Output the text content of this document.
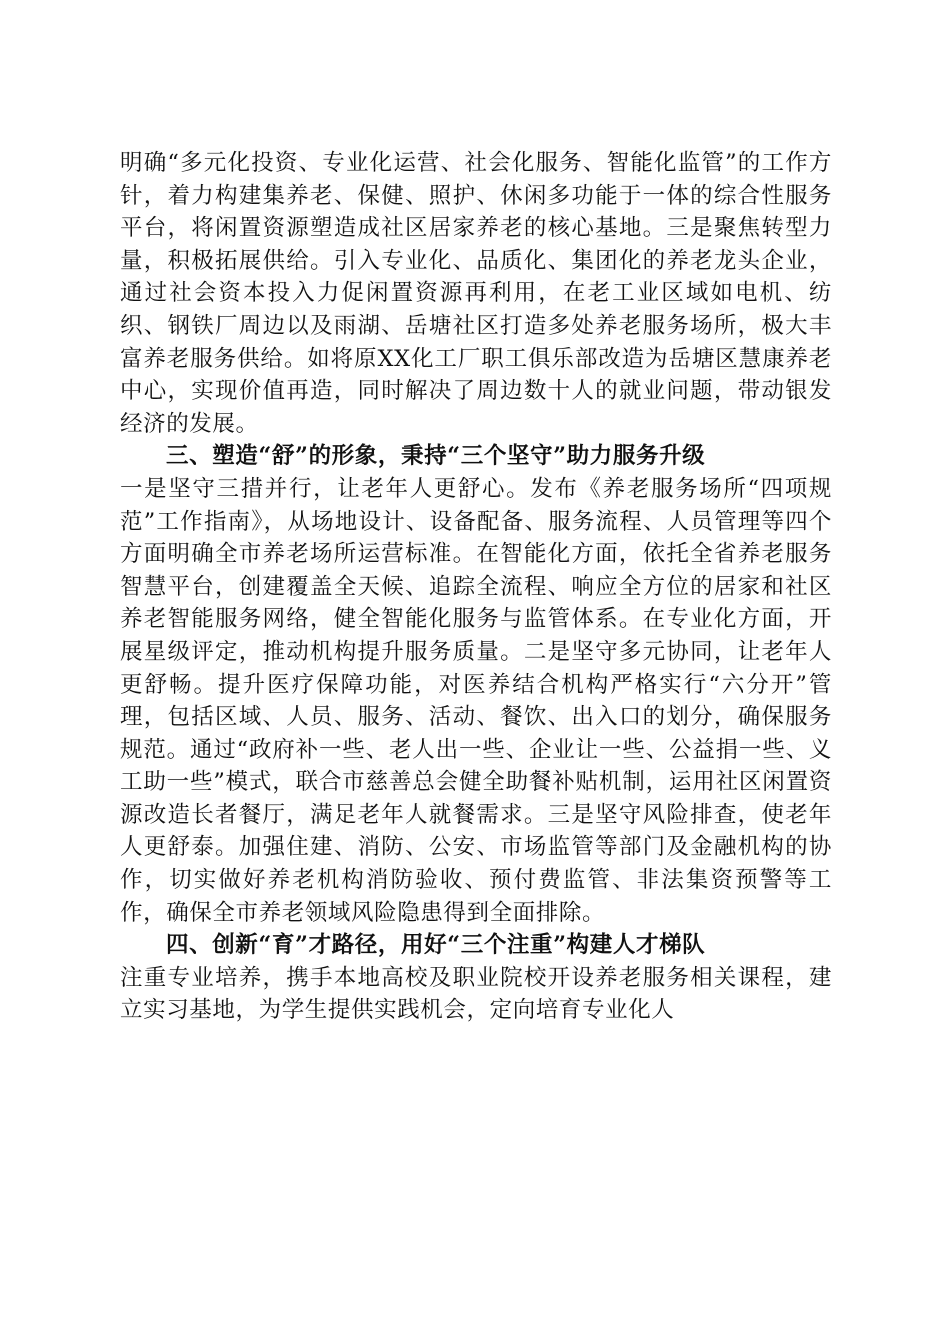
明确“多元化投资、专业化运营、社会化服务、智能化监管”的工作方针，着力构建集养老、保健、照护、休闲多功能于一体的综合性服务平台，将闲置资源塑造成社区居家养老的核心基地。三是聚焦转型力量，积极拓展供给。引入专业化、品质化、集团化的养老龙头企业，通过社会资本投入力促闲置资源再利用，在老工业区域如电机、纺织、钢铁厂周边以及雨湖、岳塘社区打造多处养老服务场所，极大丰富养老服务供给。如将原XX化工厂职工俱乐部改造为岳塘区慧康养老中心，实现价值再造，同时解决了周边数十人的就业问题，带动银发经济的发展。

三、塑造“舒”的形象，秉持“三个坚守”助力服务升级

一是坚守三措并行，让老年人更舒心。发布《养老服务场所“四项规范”工作指南》，从场地设计、设备配备、服务流程、人员管理等四个方面明确全市养老场所运营标准。在智能化方面，依托全省养老服务智慧平台，创建覆盖全天候、追踪全流程、响应全方位的居家和社区养老智能服务网络，健全智能化服务与监管体系。在专业化方面，开展星级评定，推动机构提升服务质量。二是坚守多元协同，让老年人更舒畅。提升医疗保障功能，对医养结合机构严格实行“六分开”管理，包括区域、人员、服务、活动、餐饮、出入口的划分，确保服务规范。通过“政府补一些、老人出一些、企业让一些、公益捐一些、义工助一些”模式，联合市慈善总会健全助餐补贴机制，运用社区闲置资源改造长者餐厅，满足老年人就餐需求。三是坚守风险排查，使老年人更舒泰。加强住建、消防、公安、市场监管等部门及金融机构的协作，切实做好养老机构消防验收、预付费监管、非法集资预警等工作，确保全市养老领域风险隐患得到全面排除。

四、创新“育”才路径，用好“三个注重”构建人才梯队

注重专业培养，携手本地高校及职业院校开设养老服务相关课程，建立实习基地，为学生提供实践机会，定向培育专业化人
